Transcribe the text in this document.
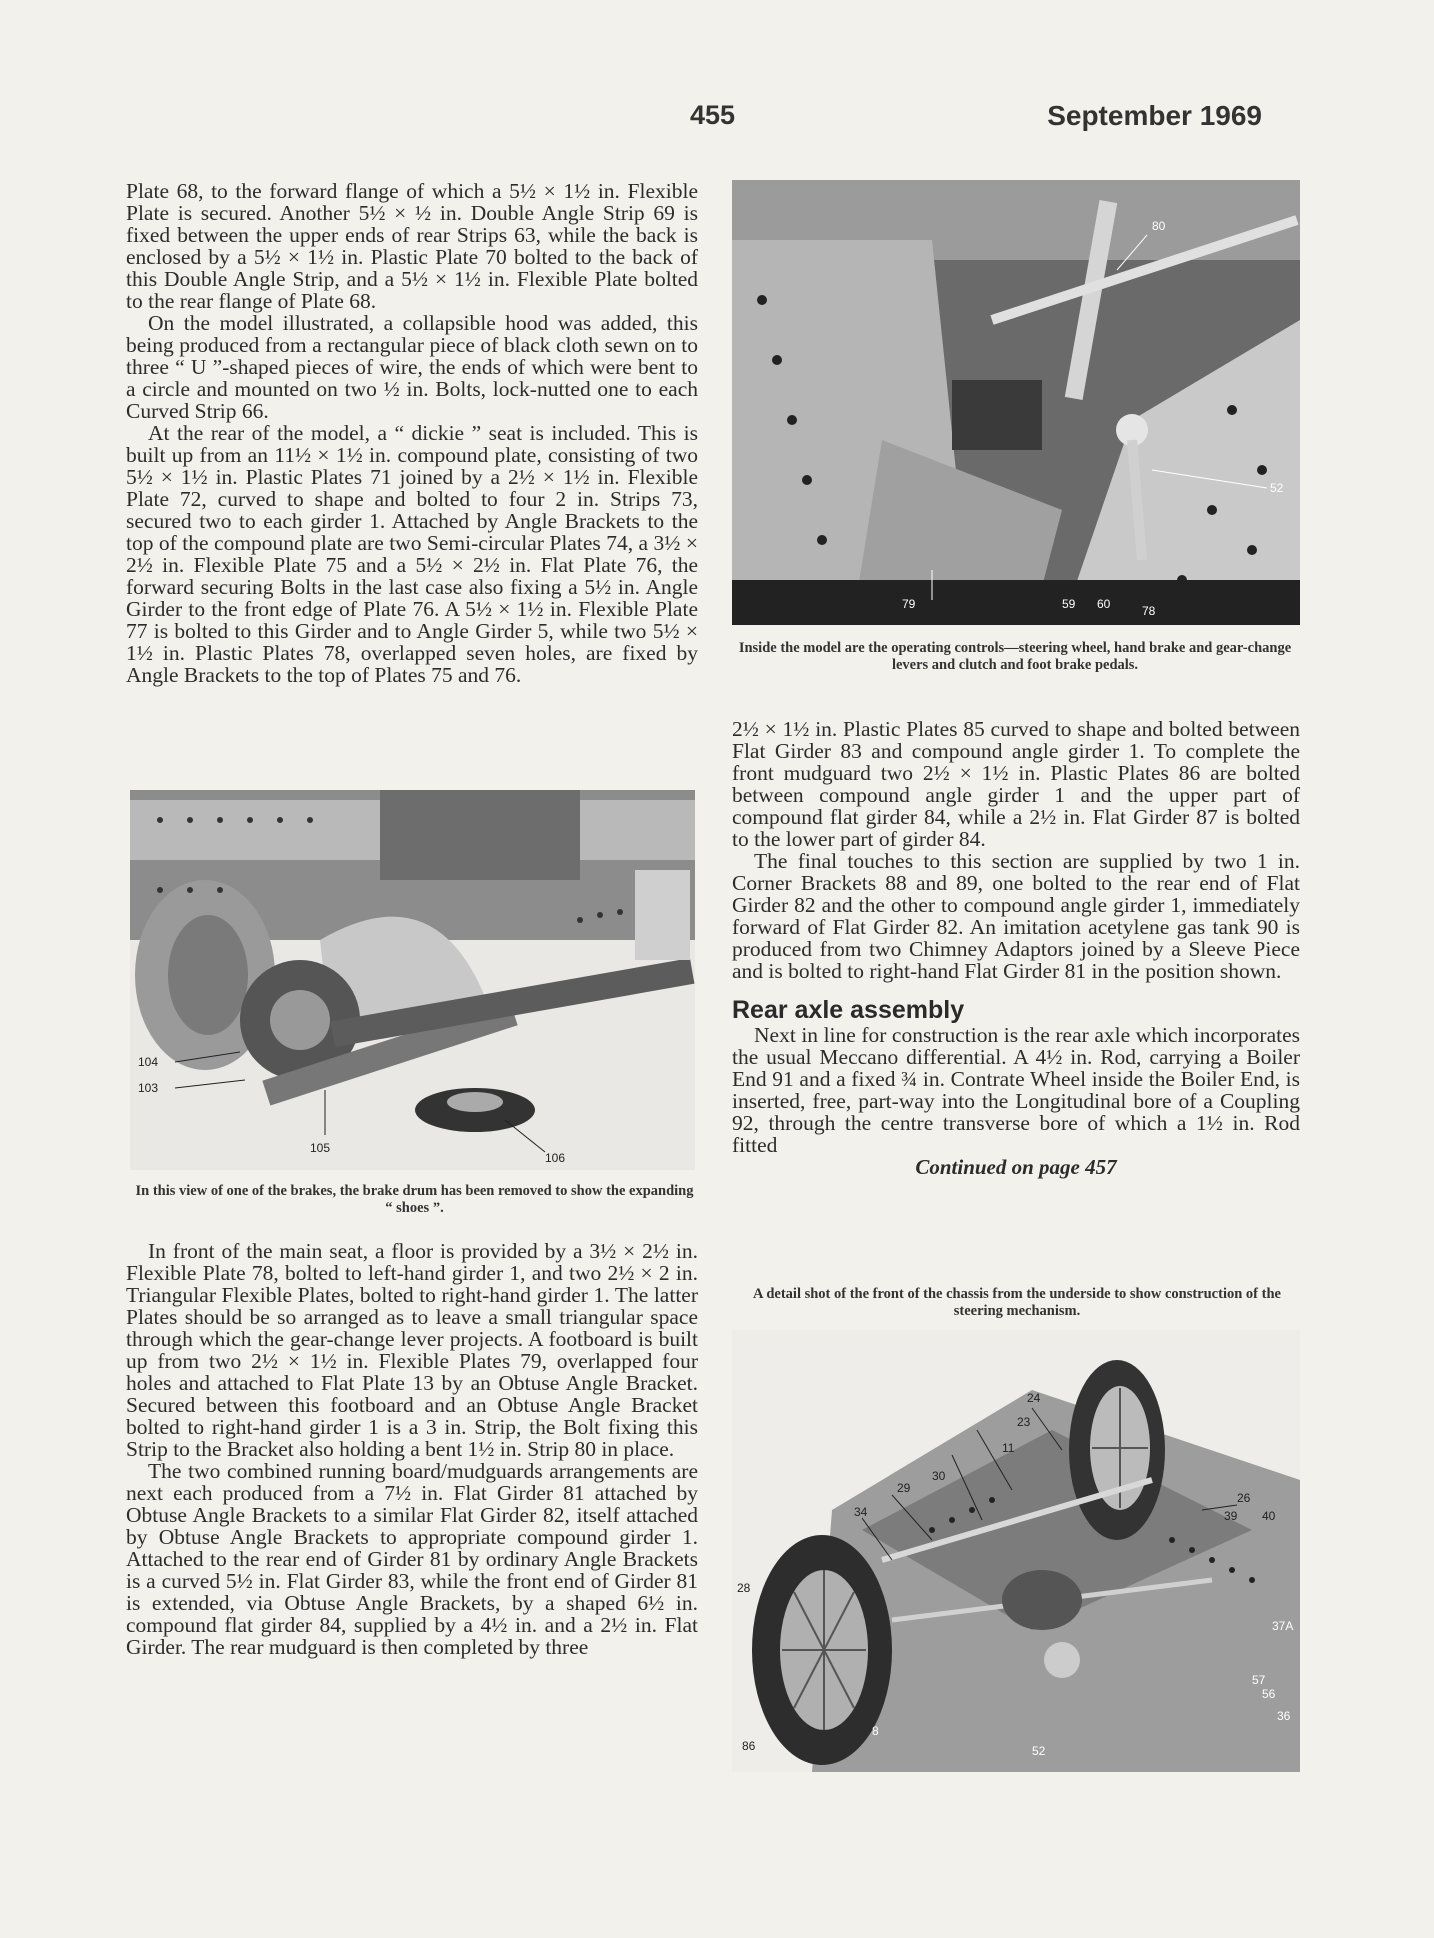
455	September 1969

Plate 68, to the forward flange of which a 5½ × 1½ in. Flexible Plate is secured. Another 5½ × ½ in. Double Angle Strip 69 is fixed between the upper ends of rear Strips 63, while the back is enclosed by a 5½ × 1½ in. Plastic Plate 70 bolted to the back of this Double Angle Strip, and a 5½ × 1½ in. Flexible Plate bolted to the rear flange of Plate 68.

On the model illustrated, a collapsible hood was added, this being produced from a rectangular piece of black cloth sewn on to three “ U ”-shaped pieces of wire, the ends of which were bent to a circle and mounted on two ½ in. Bolts, lock-nutted one to each Curved Strip 66.

At the rear of the model, a “ dickie ” seat is included. This is built up from an 11½ × 1½ in. compound plate, consisting of two 5½ × 1½ in. Plastic Plates 71 joined by a 2½ × 1½ in. Flexible Plate 72, curved to shape and bolted to four 2 in. Strips 73, secured two to each girder 1. Attached by Angle Brackets to the top of the compound plate are two Semi-circular Plates 74, a 3½ × 2½ in. Flexible Plate 75 and a 5½ × 2½ in. Flat Plate 76, the forward securing Bolts in the last case also fixing a 5½ in. Angle Girder to the front edge of Plate 76. A 5½ × 1½ in. Flexible Plate 77 is bolted to this Girder and to Angle Girder 5, while two 5½ × 1½ in. Plastic Plates 78, overlapped seven holes, are fixed by Angle Brackets to the top of Plates 75 and 76.

104
103
105
106
In this view of one of the brakes, the brake drum has been removed to show the expanding “ shoes ”.

In front of the main seat, a floor is provided by a 3½ × 2½ in. Flexible Plate 78, bolted to left-hand girder 1, and two 2½ × 2 in. Triangular Flexible Plates, bolted to right-hand girder 1. The latter Plates should be so arranged as to leave a small triangular space through which the gear-change lever projects. A footboard is built up from two 2½ × 1½ in. Flexible Plates 79, overlapped four holes and attached to Flat Plate 13 by an Obtuse Angle Bracket. Secured between this footboard and an Obtuse Angle Bracket bolted to right-hand girder 1 is a 3 in. Strip, the Bolt fixing this Strip to the Bracket also holding a bent 1½ in. Strip 80 in place.

The two combined running board/mudguards arrangements are next each produced from a 7½ in. Flat Girder 81 attached by Obtuse Angle Brackets to a similar Flat Girder 82, itself attached by Obtuse Angle Brackets to appropriate compound girder 1. Attached to the rear end of Girder 81 by ordinary Angle Brackets is a curved 5½ in. Flat Girder 83, while the front end of Girder 81 is extended, via Obtuse Angle Brackets, by a shaped 6½ in. compound flat girder 84, supplied by a 4½ in. and a 2½ in. Flat Girder. The rear mudguard is then completed by three

80
52
79	59 60	78
Inside the model are the operating controls—steering wheel, hand brake and gear-change levers and clutch and foot brake pedals.

2½ × 1½ in. Plastic Plates 85 curved to shape and bolted between Flat Girder 83 and compound angle girder 1. To complete the front mudguard two 2½ × 1½ in. Plastic Plates 86 are bolted between compound angle girder 1 and the upper part of compound flat girder 84, while a 2½ in. Flat Girder 87 is bolted to the lower part of girder 84.

The final touches to this section are supplied by two 1 in. Corner Brackets 88 and 89, one bolted to the rear end of Flat Girder 82 and the other to compound angle girder 1, immediately forward of Flat Girder 82. An imitation acetylene gas tank 90 is produced from two Chimney Adaptors joined by a Sleeve Piece and is bolted to right-hand Flat Girder 81 in the position shown.

Rear axle assembly

Next in line for construction is the rear axle which incorporates the usual Meccano differential. A 4½ in. Rod, carrying a Boiler End 91 and a fixed ¾ in. Contrate Wheel inside the Boiler End, is inserted, free, part-way into the Longitudinal bore of a Coupling 92, through the centre transverse bore of which a 1½ in. Rod fitted

Continued on page 457
A detail shot of the front of the chassis from the underside to show construction of the steering mechanism.
24
23
11
30
29
34
26
39 40
28
37A
57
56
36
86
8
52
